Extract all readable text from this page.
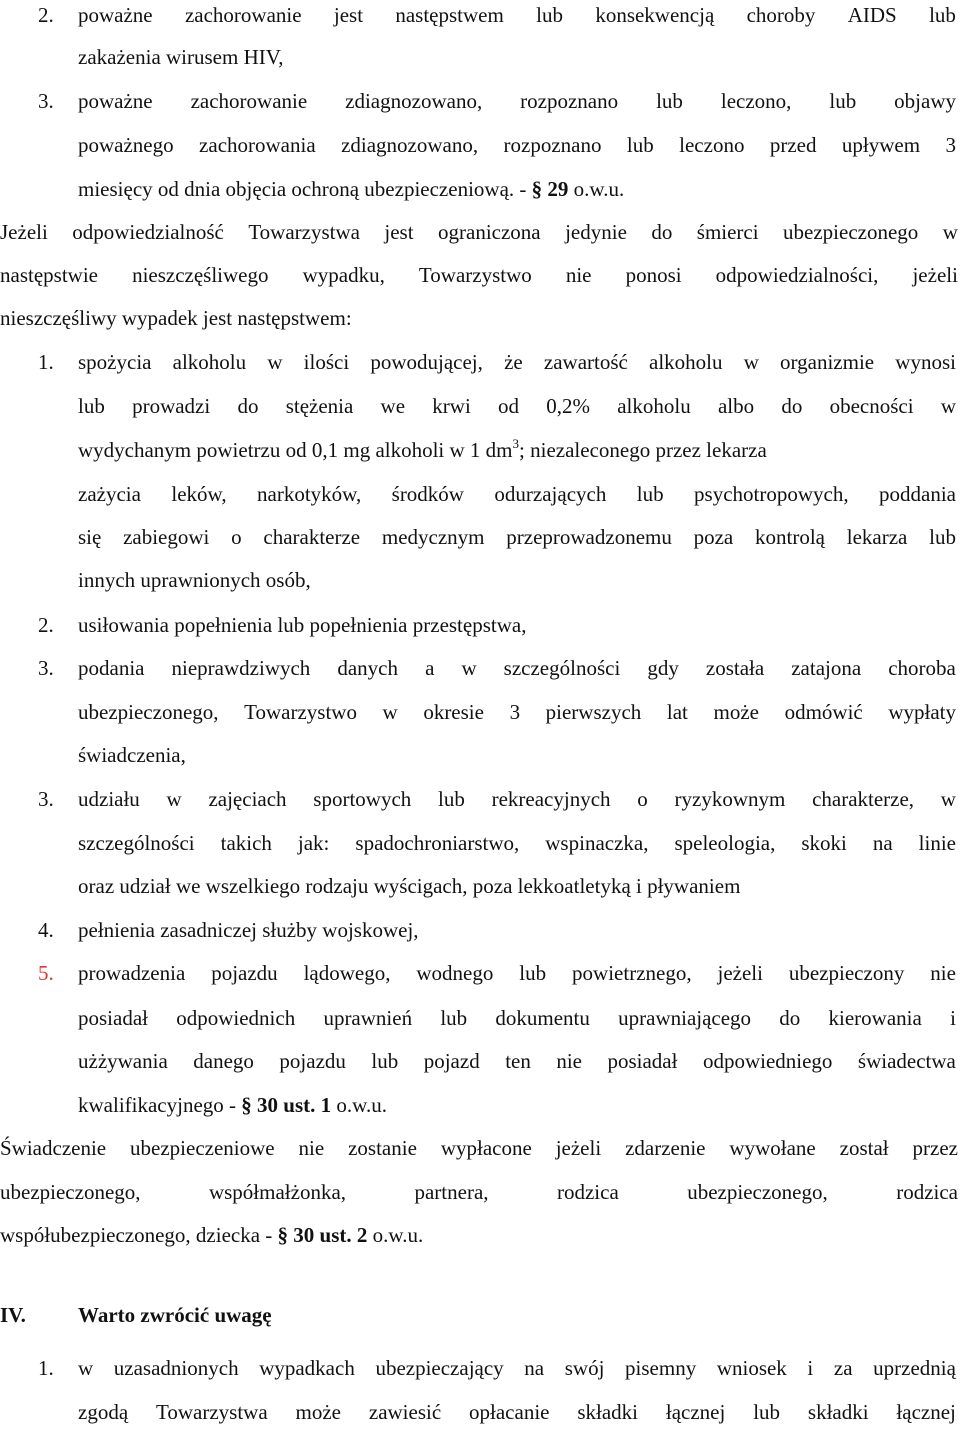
2.	poważne zachorowanie jest następstwem lub konsekwencją choroby AIDS lub
zakażenia wirusem HIV,
3.	poważne zachorowanie zdiagnozowano, rozpoznano lub leczono, lub objawy
poważnego zachorowania zdiagnozowano, rozpoznano lub leczono przed upływem 3
miesięcy od dnia objęcia ochroną ubezpieczeniową. - § 29 o.w.u.
Jeżeli odpowiedzialność Towarzystwa jest ograniczona jedynie do śmierci ubezpieczonego w
następstwie nieszczęśliwego wypadku, Towarzystwo nie ponosi odpowiedzialności, jeżeli
nieszczęśliwy wypadek jest następstwem:
1.	spożycia alkoholu w ilości powodującej, że zawartość alkoholu w organizmie wynosi
lub prowadzi do stężenia we krwi od 0,2% alkoholu albo do obecności w
wydychanym powietrzu od 0,1 mg alkoholi w 1 $dm^3$; niezaleconego przez lekarza
zażycia leków, narkotyków, środków odurzających lub psychotropowych, poddania
się zabiegowi o charakterze medycznym przeprowadzonemu poza kontrolą lekarza lub
innych uprawnionych osób,
2.	usiłowania popełnienia lub popełnienia przestępstwa,
3.	podania nieprawdziwych danych a w szczególności gdy została zatajona choroba
ubezpieczonego, Towarzystwo w okresie 3 pierwszych lat może odmówić wypłaty
świadczenia,
3.	udziału w zajęciach sportowych lub rekreacyjnych o ryzykownym charakterze, w
szczególności takich jak: spadochroniarstwo, wspinaczka, speleologia, skoki na linie
oraz udział we wszelkiego rodzaju wyścigach, poza lekkoatletyką i pływaniem
4.	pełnienia zasadniczej służby wojskowej,
5.	prowadzenia pojazdu lądowego, wodnego lub powietrznego, jeżeli ubezpieczony nie
posiadał odpowiednich uprawnień lub dokumentu uprawniającego do kierowania i
użżywania danego pojazdu lub pojazd ten nie posiadał odpowiedniego świadectwa
kwalifikacyjnego - § 30 ust. 1 o.w.u.
Świadczenie ubezpieczeniowe nie zostanie wypłacone jeżeli zdarzenie wywołane został przez
ubezpieczonego,	współmałżonka,	partnera,	rodzica	ubezpieczonego,	rodzica
współubezpieczonego, dziecka - § 30 ust. 2 o.w.u.
IV. Warto zwrócić uwagę
1.	w uzasadnionych wypadkach ubezpieczający na swój pisemny wniosek i za uprzednią
zgodą Towarzystwa może zawiesić opłacanie składki łącznej lub składki łącznej
